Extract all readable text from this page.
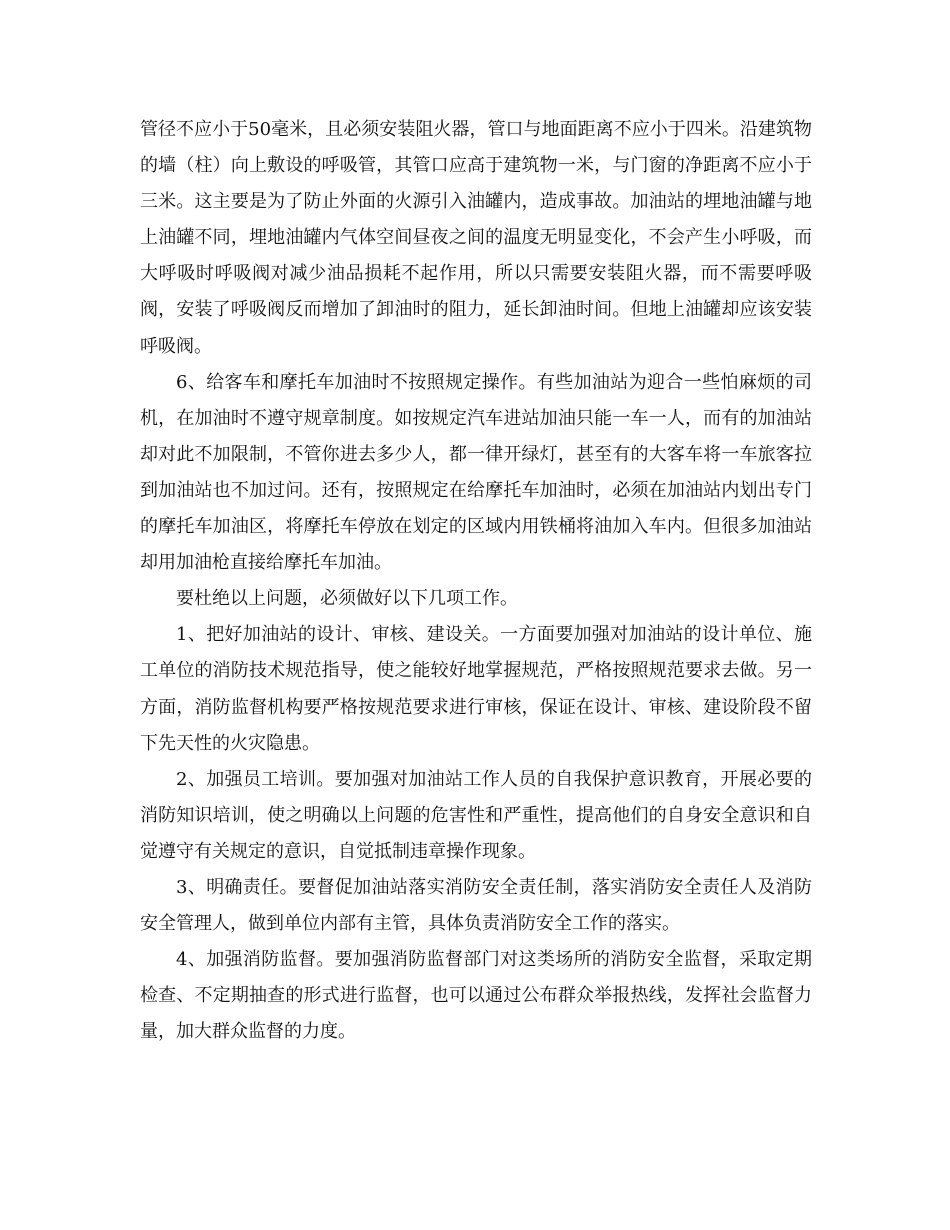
管径不应小于50毫米，且必须安装阻火器，管口与地面距离不应小于四米。沿建筑物的墙（柱）向上敷设的呼吸管，其管口应高于建筑物一米，与门窗的净距离不应小于三米。这主要是为了防止外面的火源引入油罐内，造成事故。加油站的埋地油罐与地上油罐不同，埋地油罐内气体空间昼夜之间的温度无明显变化，不会产生小呼吸，而大呼吸时呼吸阀对减少油品损耗不起作用，所以只需要安装阻火器，而不需要呼吸阀，安装了呼吸阀反而增加了卸油时的阻力，延长卸油时间。但地上油罐却应该安装呼吸阀。

6、给客车和摩托车加油时不按照规定操作。有些加油站为迎合一些怕麻烦的司机，在加油时不遵守规章制度。如按规定汽车进站加油只能一车一人，而有的加油站却对此不加限制，不管你进去多少人，都一律开绿灯，甚至有的大客车将一车旅客拉到加油站也不加过问。还有，按照规定在给摩托车加油时，必须在加油站内划出专门的摩托车加油区，将摩托车停放在划定的区域内用铁桶将油加入车内。但很多加油站却用加油枪直接给摩托车加油。

要杜绝以上问题，必须做好以下几项工作。

1、把好加油站的设计、审核、建设关。一方面要加强对加油站的设计单位、施工单位的消防技术规范指导，使之能较好地掌握规范，严格按照规范要求去做。另一方面，消防监督机构要严格按规范要求进行审核，保证在设计、审核、建设阶段不留下先天性的火灾隐患。

2、加强员工培训。要加强对加油站工作人员的自我保护意识教育，开展必要的消防知识培训，使之明确以上问题的危害性和严重性，提高他们的自身安全意识和自觉遵守有关规定的意识，自觉抵制违章操作现象。

3、明确责任。要督促加油站落实消防安全责任制，落实消防安全责任人及消防安全管理人，做到单位内部有主管，具体负责消防安全工作的落实。

4、加强消防监督。要加强消防监督部门对这类场所的消防安全监督，采取定期检查、不定期抽查的形式进行监督，也可以通过公布群众举报热线，发挥社会监督力量，加大群众监督的力度。
